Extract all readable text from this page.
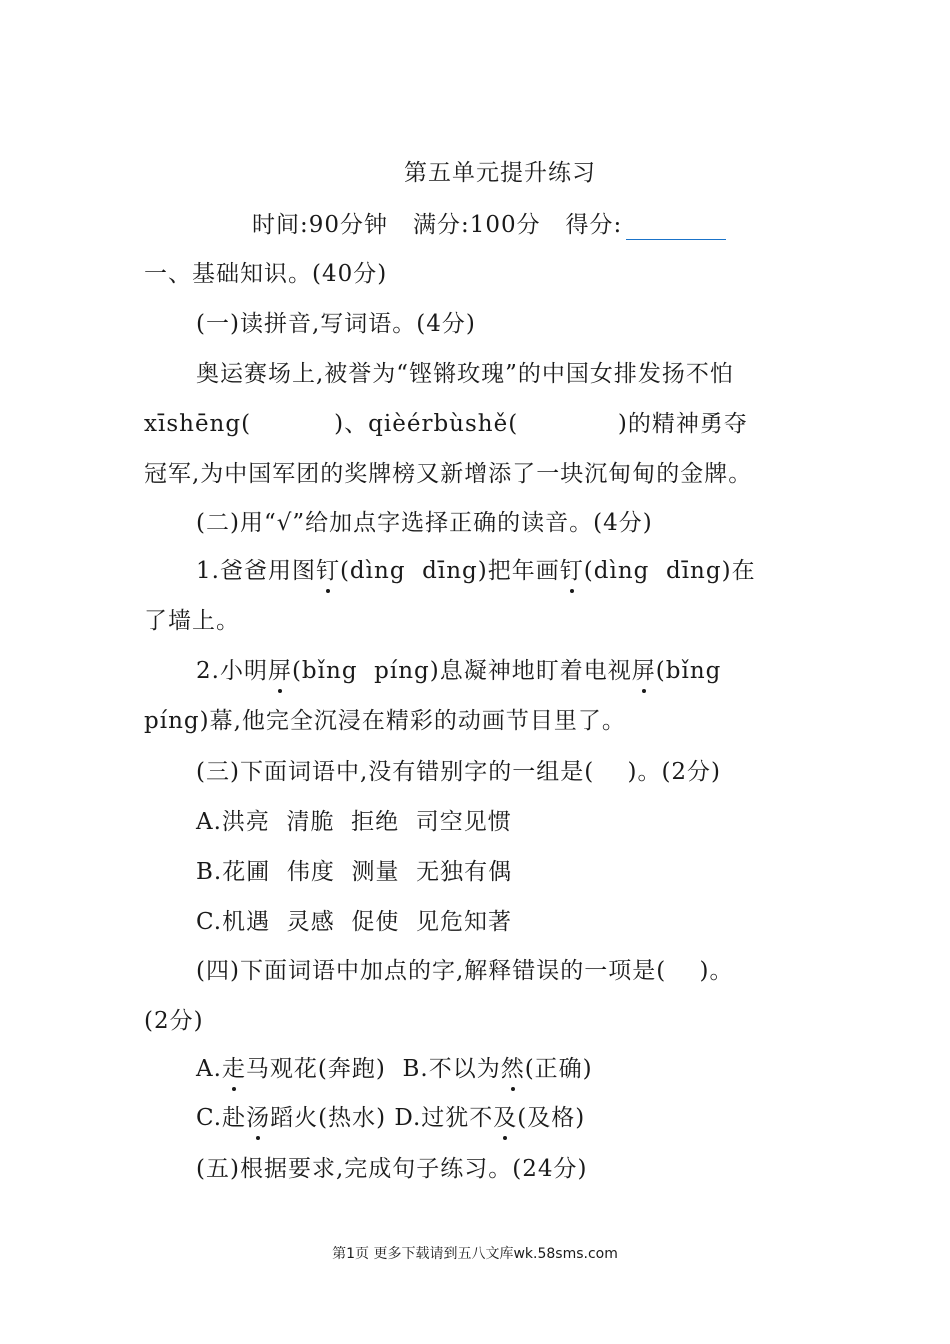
第五单元提升练习
时间:90分钟 满分:100分 得分:
一、基础知识。(40分)
(一)读拼音,写词语。(4分)
奥运赛场上,被誉为“铿锵玫瑰”的中国女排发扬不怕
xīshēng(          )、qièérbùshě(            )的精神勇夺
冠军,为中国军团的奖牌榜又新增添了一块沉甸甸的金牌。
(二)用“√”给加点字选择正确的读音。(4分)
1.爸爸用图钉(dìng  dīng)把年画钉(dìng  dīng)在
了墙上。
2.小明屏(bǐng  píng)息凝神地盯着电视屏(bǐng
píng)幕,他完全沉浸在精彩的动画节目里了。
(三)下面词语中,没有错别字的一组是(    )。(2分)
A.洪亮  清脆  拒绝  司空见惯
B.花圃  伟度  测量  无独有偶
C.机遇  灵感  促使  见危知著
(四)下面词语中加点的字,解释错误的一项是(    )。
(2分)
A.走马观花(奔跑)  B.不以为然(正确)
C.赴汤蹈火(热水) D.过犹不及(及格)
(五)根据要求,完成句子练习。(24分)
第1页 更多下载请到五八文库wk.58sms.com
